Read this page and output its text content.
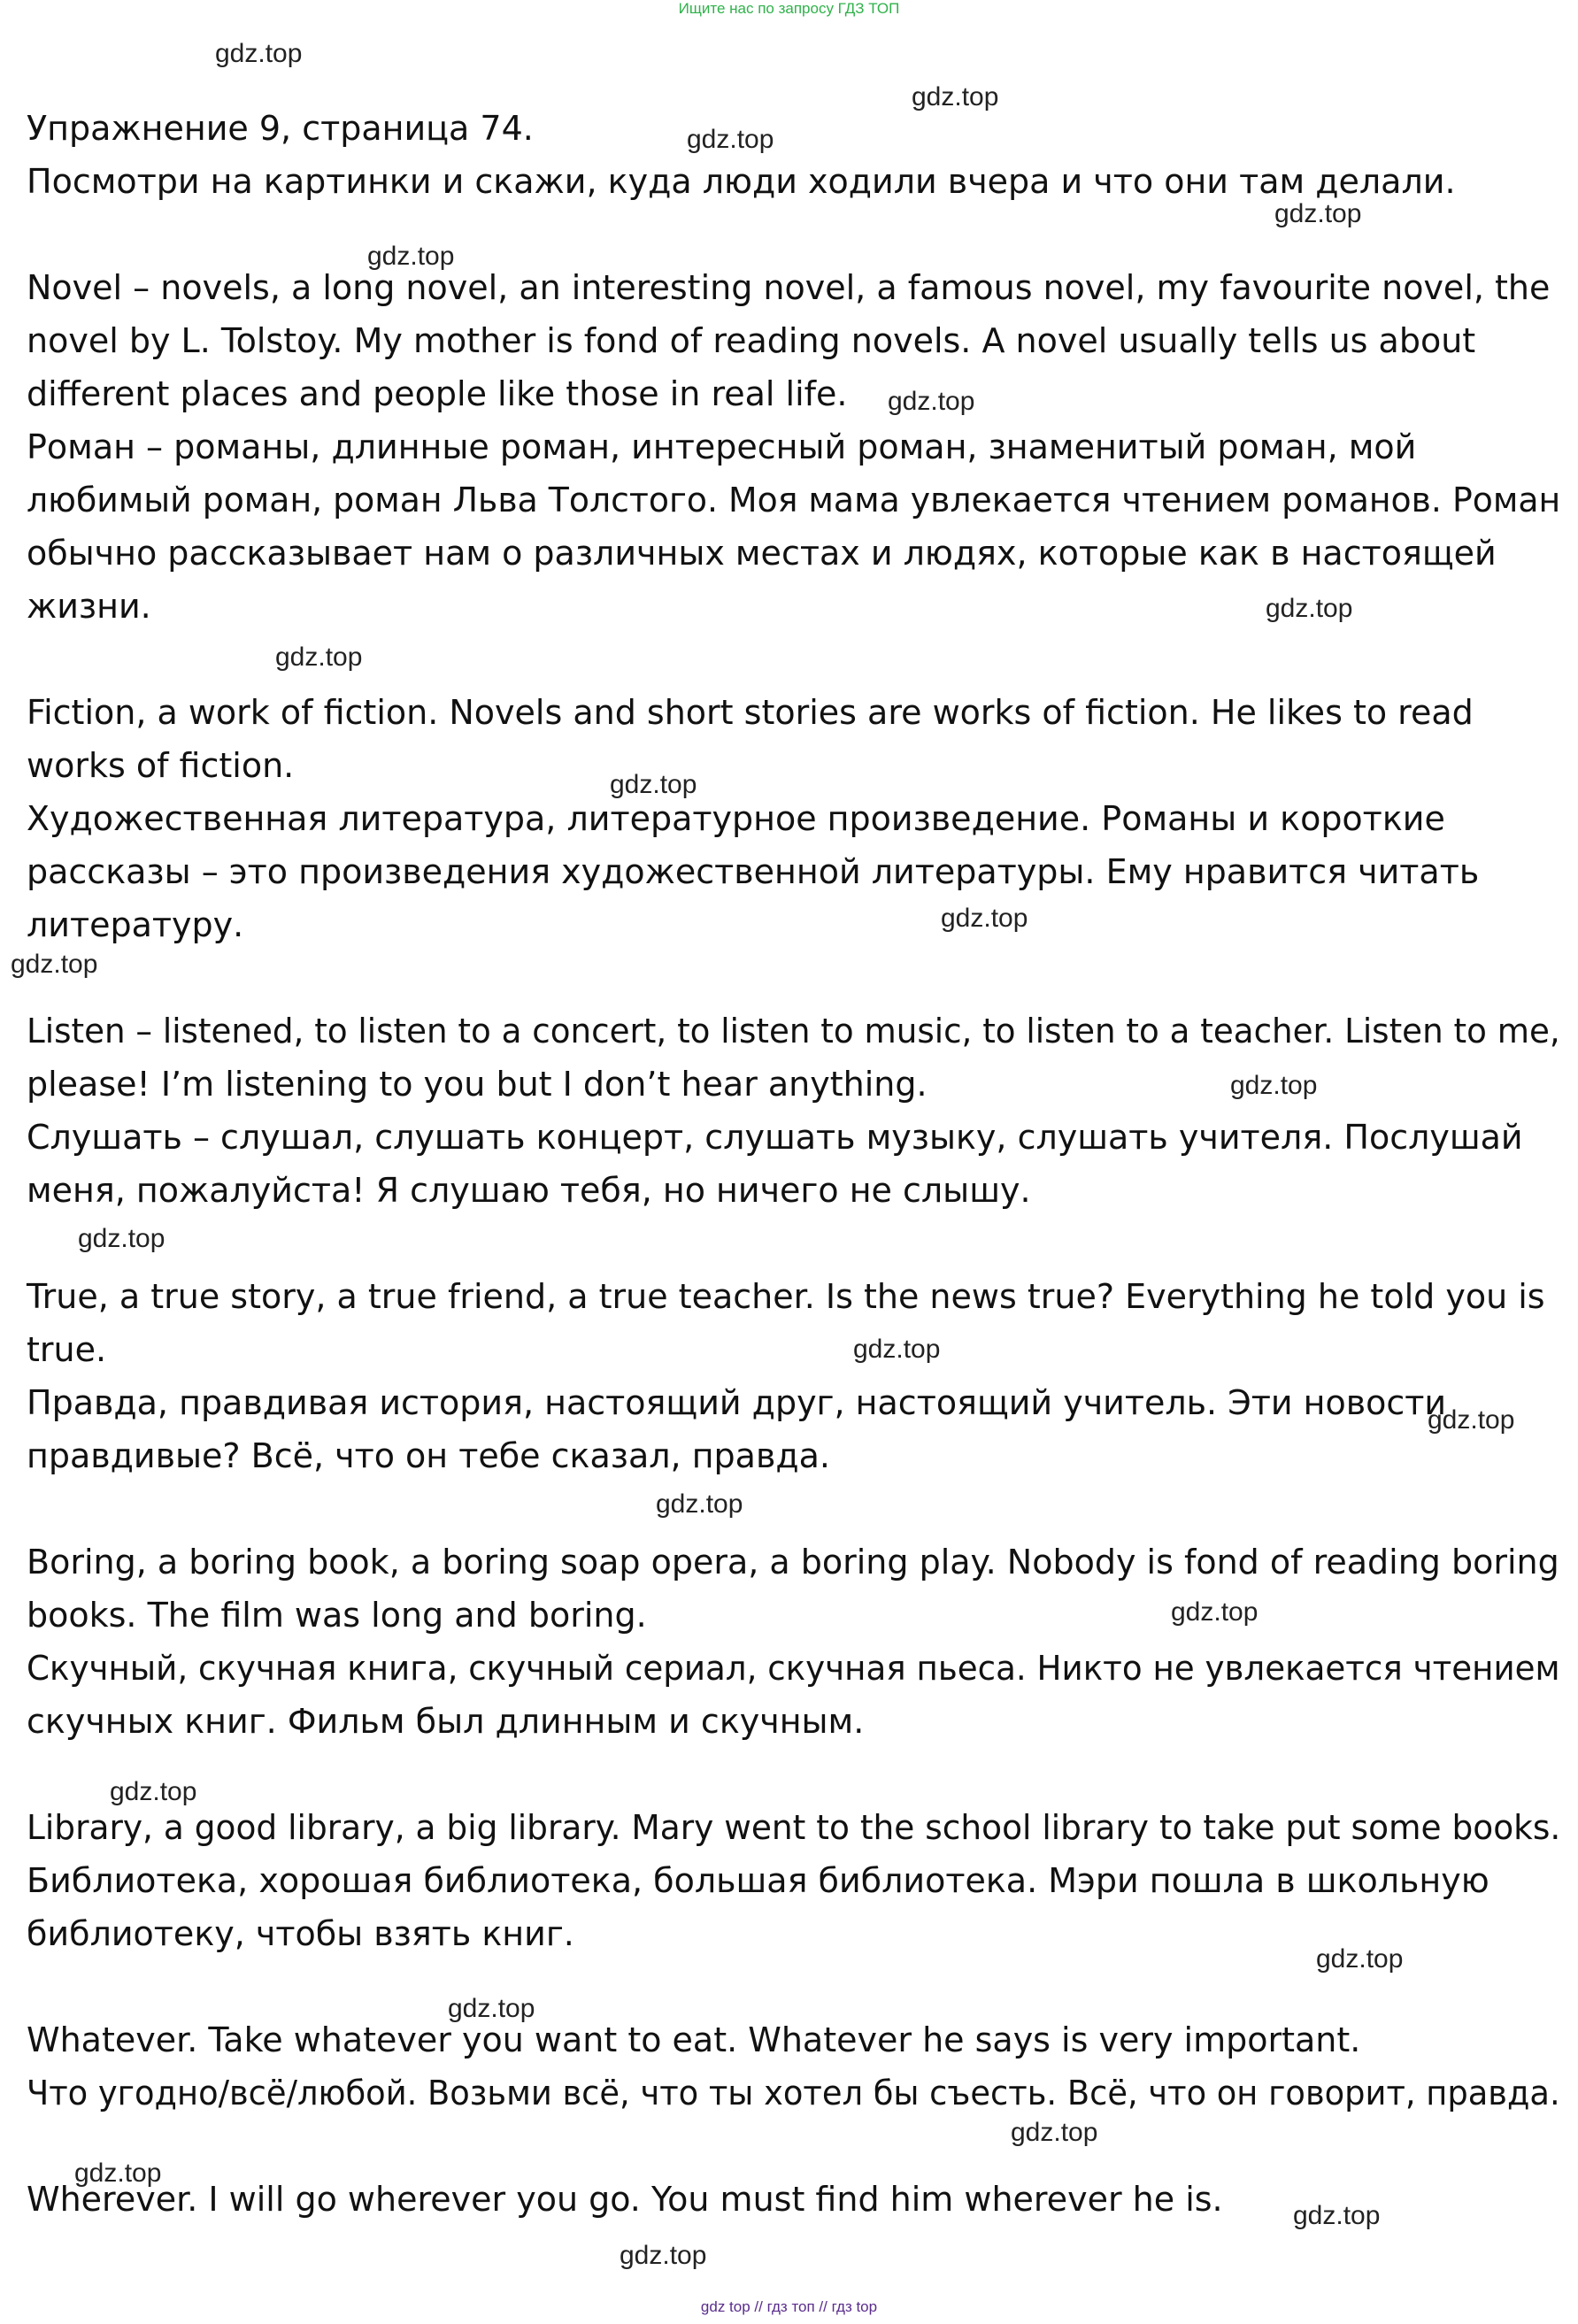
Ищите нас по запросу ГДЗ ТОП
gdz.top
gdz.top
gdz.top
gdz.top
gdz.top
gdz.top
gdz.top
gdz.top
gdz.top
gdz.top
gdz.top
gdz.top
gdz.top
gdz.top
gdz.top
gdz.top
gdz.top
gdz.top
gdz.top
gdz.top
gdz.top
gdz.top
gdz.top
gdz.top
Упражнение 9, страница 74.
Посмотри на картинки и скажи, куда люди ходили вчера и что они там делали.
Novel – novels, a long novel, an interesting novel, a famous novel, my favourite novel, the
novel by L. Tolstoy. My mother is fond of reading novels. A novel usually tells us about
different places and people like those in real life.
Роман – романы, длинные роман, интересный роман, знаменитый роман, мой
любимый роман, роман Льва Толстого. Моя мама увлекается чтением романов. Роман
обычно рассказывает нам о различных местах и людях, которые как в настоящей
жизни.
Fiction, a work of fiction. Novels and short stories are works of fiction. He likes to read
works of fiction.
Художественная литература, литературное произведение. Романы и короткие
рассказы – это произведения художественной литературы. Ему нравится читать
литературу.
Listen – listened, to listen to a concert, to listen to music, to listen to a teacher. Listen to me,
please! I’m listening to you but I don’t hear anything.
Слушать – слушал, слушать концерт, слушать музыку, слушать учителя. Послушай
меня, пожалуйста! Я слушаю тебя, но ничего не слышу.
True, a true story, a true friend, a true teacher. Is the news true? Everything he told you is
true.
Правда, правдивая история, настоящий друг, настоящий учитель. Эти новости
правдивые? Всё, что он тебе сказал, правда.
Boring, a boring book, a boring soap opera, a boring play. Nobody is fond of reading boring
books. The film was long and boring.
Скучный, скучная книга, скучный сериал, скучная пьеса. Никто не увлекается чтением
скучных книг. Фильм был длинным и скучным.
Library, a good library, a big library. Mary went to the school library to take put some books.
Библиотека, хорошая библиотека, большая библиотека. Мэри пошла в школьную
библиотеку, чтобы взять книг.
Whatever. Take whatever you want to eat. Whatever he says is very important.
Что угодно/всё/любой. Возьми всё, что ты хотел бы съесть. Всё, что он говорит, правда.
Wherever. I will go wherever you go. You must find him wherever he is.
gdz top // гдз топ // гдз top
